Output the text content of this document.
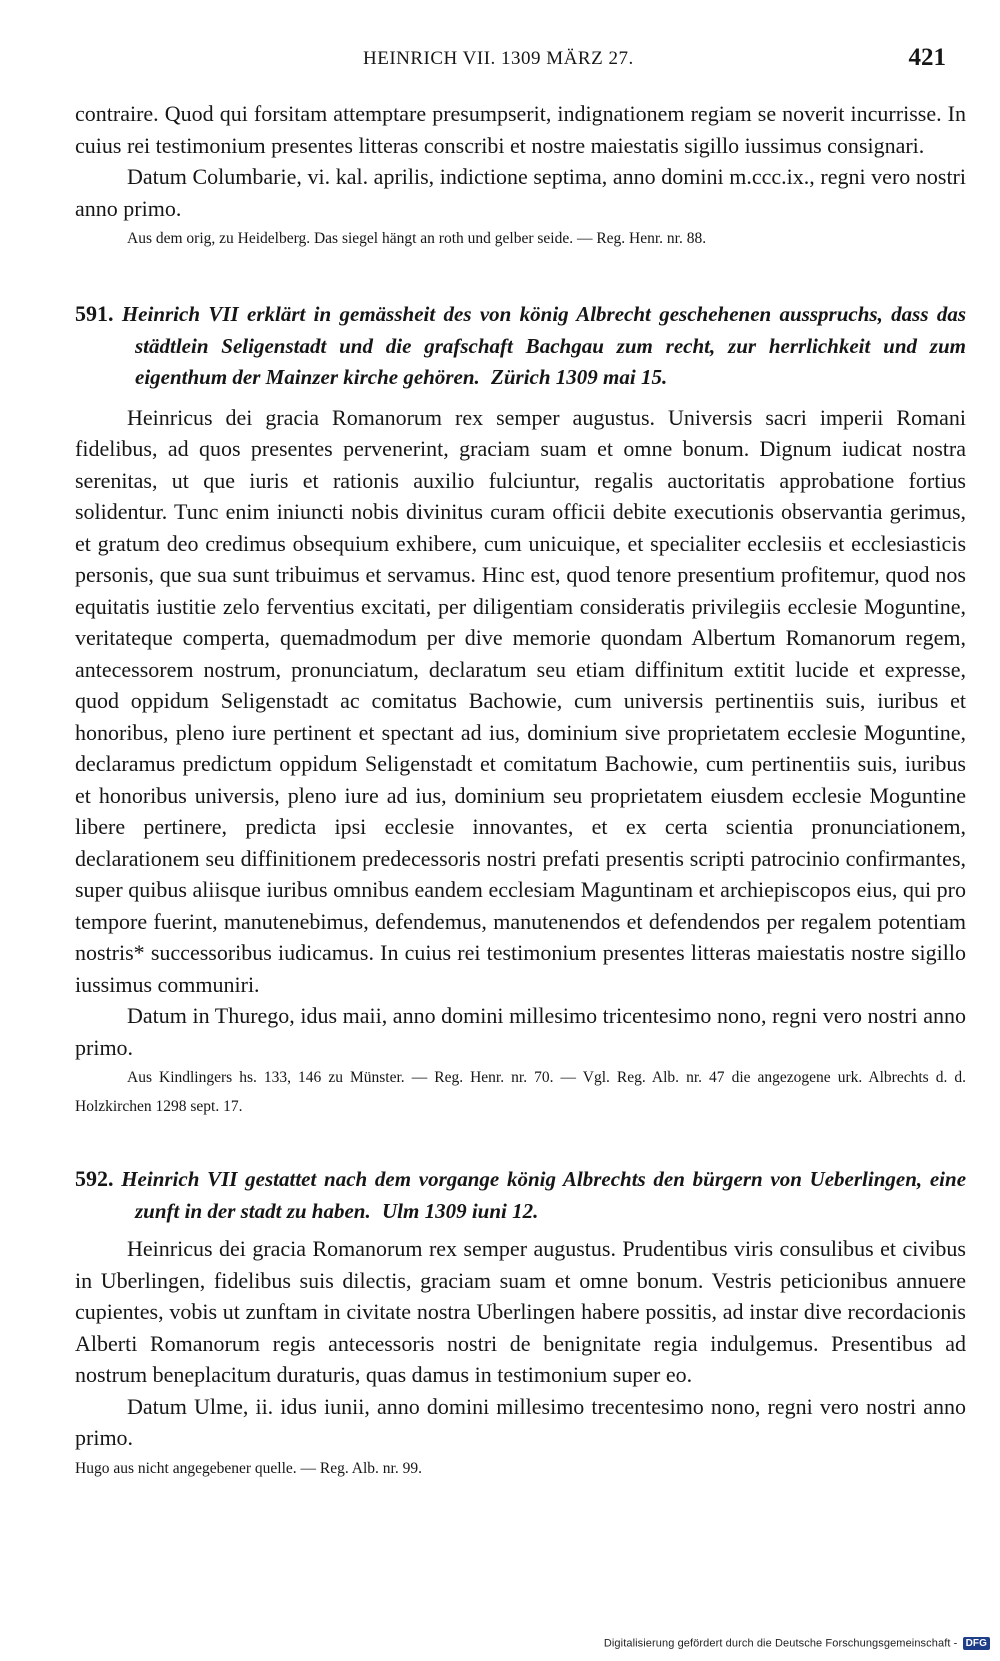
HEINRICH VII. 1309 MÄRZ 27.	421

contraire. Quod qui forsitam attemptare presumpserit, indignationem regiam se noverit incurrisse. In cuius rei testimonium presentes litteras conscribi et nostre maiestatis sigillo iussimus consignari.

Datum Columbarie, vi. kal. aprilis, indictione septima, anno domini m.ccc.ix., regni vero nostri anno primo.

Aus dem orig, zu Heidelberg. Das siegel hängt an roth und gelber seide. — Reg. Henr. nr. 88.

591. Heinrich VII erklärt in gemässheit des von könig Albrecht geschehenen ausspruchs, dass das städtlein Seligenstadt und die grafschaft Bachgau zum recht, zur herrlichkeit und zum eigenthum der Mainzer kirche gehören. Zürich 1309 mai 15.

Heinricus dei gracia Romanorum rex semper augustus. Universis sacri imperii Romani fidelibus, ad quos presentes pervenerint, graciam suam et omne bonum. Dignum iudicat nostra serenitas, ut que iuris et rationis auxilio fulciuntur, regalis auctoritatis approbatione fortius solidentur. Tunc enim iniuncti nobis divinitus curam officii debite executionis observantia gerimus, et gratum deo credimus obsequium exhibere, cum unicuique, et specialiter ecclesiis et ecclesiasticis personis, que sua sunt tribuimus et servamus. Hinc est, quod tenore presentium profitemur, quod nos equitatis iustitie zelo ferventius excitati, per diligentiam consideratis privilegiis ecclesie Moguntine, veritateque comperta, quemadmodum per dive memorie quondam Albertum Romanorum regem, antecessorem nostrum, pronunciatum, declaratum seu etiam diffinitum extitit lucide et expresse, quod oppidum Seligenstadt ac comitatus Bachowie, cum universis pertinentiis suis, iuribus et honoribus, pleno iure pertinent et spectant ad ius, dominium sive proprietatem ecclesie Moguntine, declaramus predictum oppidum Seligenstadt et comitatum Bachowie, cum pertinentiis suis, iuribus et honoribus universis, pleno iure ad ius, dominium seu proprietatem eiusdem ecclesie Moguntine libere pertinere, predicta ipsi ecclesie innovantes, et ex certa scientia pronunciationem, declarationem seu diffinitionem predecessoris nostri prefati presentis scripti patrocinio confirmantes, super quibus aliisque iuribus omnibus eandem ecclesiam Maguntinam et archiepiscopos eius, qui pro tempore fuerint, manutenebimus, defendemus, manutenendos et defendendos per regalem potentiam nostris* successoribus iudicamus. In cuius rei testimonium presentes litteras maiestatis nostre sigillo iussimus communiri.

Datum in Thurego, idus maii, anno domini millesimo tricentesimo nono, regni vero nostri anno primo.

Aus Kindlingers hs. 133, 146 zu Münster. — Reg. Henr. nr. 70. — Vgl. Reg. Alb. nr. 47 die angezogene urk. Albrechts d. d. Holzkirchen 1298 sept. 17.

592. Heinrich VII gestattet nach dem vorgange könig Albrechts den bürgern von Ueberlingen, eine zunft in der stadt zu haben. Ulm 1309 iuni 12.

Heinricus dei gracia Romanorum rex semper augustus. Prudentibus viris consulibus et civibus in Uberlingen, fidelibus suis dilectis, graciam suam et omne bonum. Vestris peticionibus annuere cupientes, vobis ut zunftam in civitate nostra Uberlingen habere possitis, ad instar dive recordacionis Alberti Romanorum regis antecessoris nostri de benignitate regia indulgemus. Presentibus ad nostrum beneplacitum duraturis, quas damus in testimonium super eo.

Datum Ulme, ii. idus iunii, anno domini millesimo trecentesimo nono, regni vero nostri anno primo.

Hugo aus nicht angegebener quelle. — Reg. Alb. nr. 99.

Digitalisierung gefördert durch die Deutsche Forschungsgemeinschaft - DFG
